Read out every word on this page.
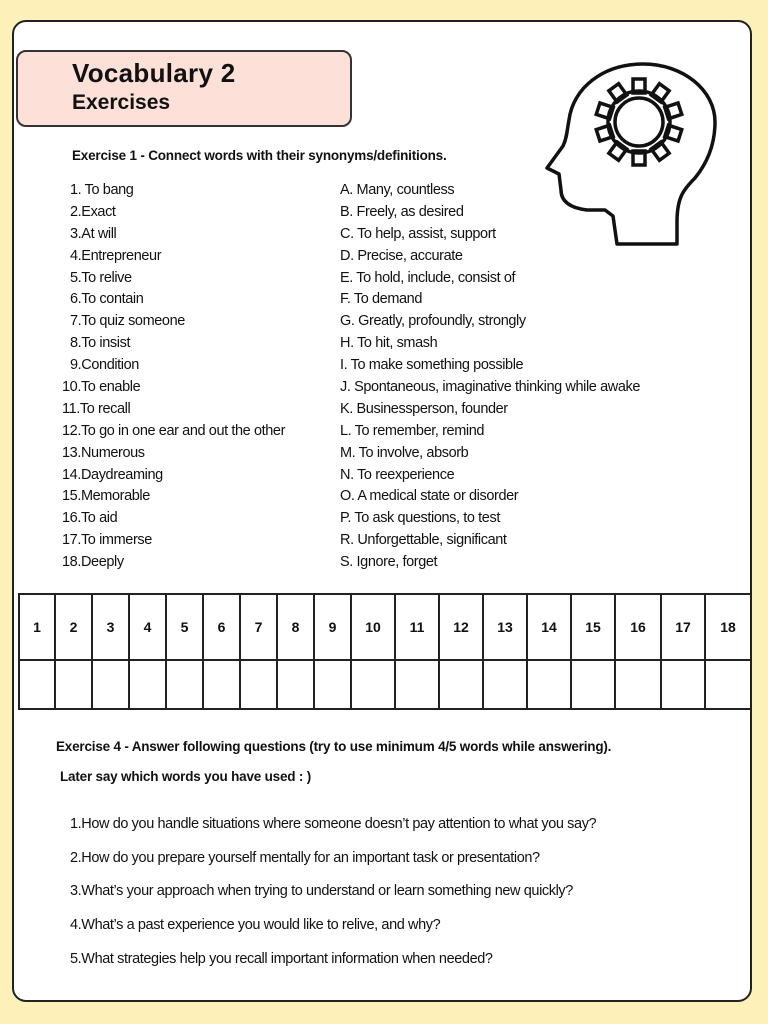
Vocabulary 2
Exercises
Exercise 1 - Connect words with their synonyms/definitions.
1. To bang
2.Exact
3.At will
4.Entrepreneur
5.To relive
6.To contain
7.To quiz someone
8.To insist
9.Condition
10.To enable
11.To recall
12.To go in one ear and out the other
13.Numerous
14.Daydreaming
15.Memorable
16.To aid
17.To immerse
18.Deeply
A. Many, countless
B. Freely, as desired
C. To help, assist, support
D. Precise, accurate
E. To hold, include, consist of
F. To demand
G. Greatly, profoundly, strongly
H. To hit, smash
I. To make something possible
J. Spontaneous, imaginative thinking while awake
K. Businessperson, founder
L. To remember, remind
M. To involve, absorb
N. To reexperience
O. A medical state or disorder
P. To ask questions, to test
R. Unforgettable, significant
S. Ignore, forget
1	2	3	4	5	6	7	8	9	10	11	12	13	14	15	16	17	18

Exercise 4 - Answer following questions (try to use minimum 4/5 words while answering).
Later say which words you have used : )
1.How do you handle situations where someone doesn’t pay attention to what you say?
2.How do you prepare yourself mentally for an important task or presentation?
3.What’s your approach when trying to understand or learn something new quickly?
4.What’s a past experience you would like to relive, and why?
5.What strategies help you recall important information when needed?
